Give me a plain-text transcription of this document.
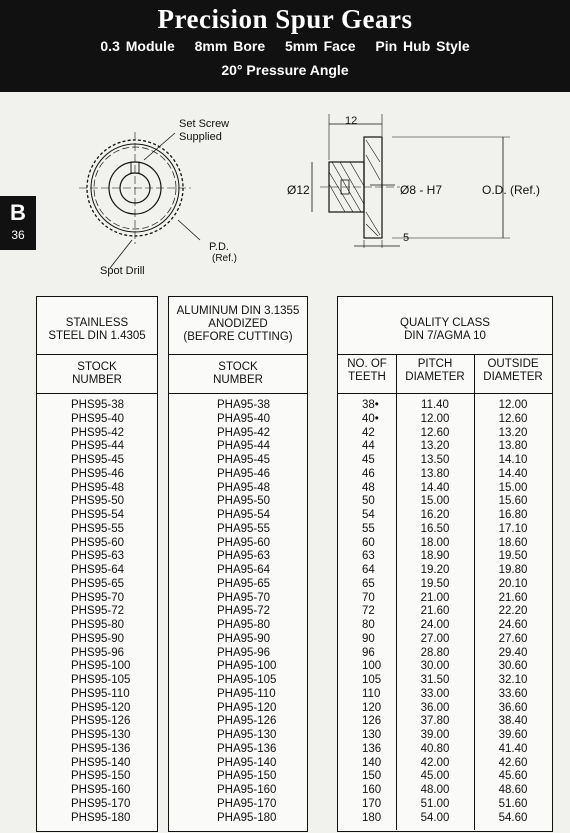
Precision Spur Gears
0.3 Module 8mm Bore 5mm Face Pin Hub Style
20° Pressure Angle
B
36
Set Screw
Supplied
P.D.
(Ref.)
Spot Drill
12
Ø12	Ø8 - H7	O.D. (Ref.)
5
STAINLESS
STEEL DIN 1.4305
STOCK
NUMBER
PHS95-38
PHS95-40
PHS95-42
PHS95-44
PHS95-45
PHS95-46
PHS95-48
PHS95-50
PHS95-54
PHS95-55
PHS95-60
PHS95-63
PHS95-64
PHS95-65
PHS95-70
PHS95-72
PHS95-80
PHS95-90
PHS95-96
PHS95-100
PHS95-105
PHS95-110
PHS95-120
PHS95-126
PHS95-130
PHS95-136
PHS95-140
PHS95-150
PHS95-160
PHS95-170
PHS95-180
ALUMINUM DIN 3.1355
ANODIZED
(BEFORE CUTTING)
STOCK
NUMBER
PHA95-38
PHA95-40
PHA95-42
PHA95-44
PHA95-45
PHA95-46
PHA95-48
PHA95-50
PHA95-54
PHA95-55
PHA95-60
PHA95-63
PHA95-64
PHA95-65
PHA95-70
PHA95-72
PHA95-80
PHA95-90
PHA95-96
PHA95-100
PHA95-105
PHA95-110
PHA95-120
PHA95-126
PHA95-130
PHA95-136
PHA95-140
PHA95-150
PHA95-160
PHA95-170
PHA95-180
QUALITY CLASS
DIN 7/AGMA 10
NO. OF
TEETH
PITCH
DIAMETER
OUTSIDE
DIAMETER
38•
40•
42
44
45
46
48
50
54
55
60
63
64
65
70
72
80
90
96
100
105
110
120
126
130
136
140
150
160
170
180
11.40
12.00
12.60
13.20
13.50
13.80
14.40
15.00
16.20
16.50
18.00
18.90
19.20
19.50
21.00
21.60
24.00
27.00
28.80
30.00
31.50
33.00
36.00
37.80
39.00
40.80
42.00
45.00
48.00
51.00
54.00
12.00
12.60
13.20
13.80
14.10
14.40
15.00
15.60
16.80
17.10
18.60
19.50
19.80
20.10
21.60
22.20
24.60
27.60
29.40
30.60
32.10
33.60
36.60
38.40
39.60
41.40
42.60
45.60
48.60
51.60
54.60
